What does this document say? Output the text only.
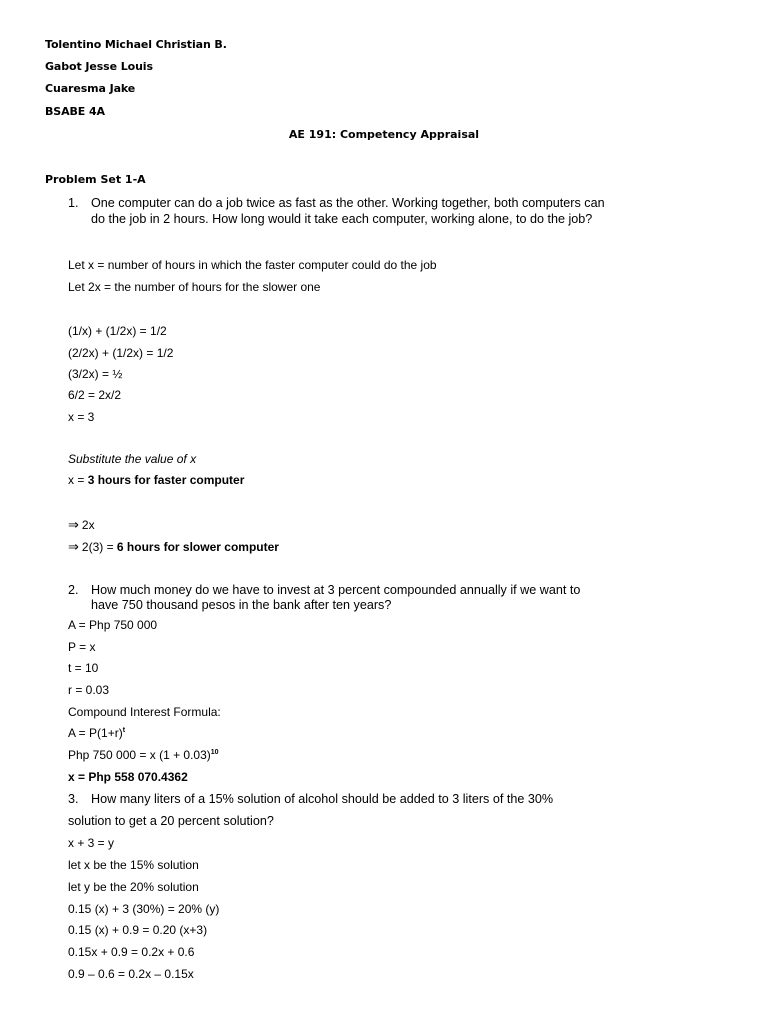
Tolentino Michael Christian B.
Gabot Jesse Louis
Cuaresma Jake
BSABE 4A
AE 191: Competency Appraisal
Problem Set 1-A
1. One computer can do a job twice as fast as the other. Working together, both computers can
do the job in 2 hours. How long would it take each computer, working alone, to do the job?
Let x = number of hours in which the faster computer could do the job
Let 2x = the number of hours for the slower one
(1/x) + (1/2x) = 1/2
(2/2x) + (1/2x) = 1/2
(3/2x) = ½
6/2 = 2x/2
x = 3
Substitute the value of x
x = 3 hours for faster computer
⇒ 2x
⇒ 2(3) = 6 hours for slower computer
2. How much money do we have to invest at 3 percent compounded annually if we want to
have 750 thousand pesos in the bank after ten years?
A = Php 750 000
P = x
t = 10
r = 0.03
Compound Interest Formula:
$A = P(1+r)^t$
Php 750 000 = x $(1 + 0.03)^{10}$
x = Php 558 070.4362
3. How many liters of a 15% solution of alcohol should be added to 3 liters of the 30%
solution to get a 20 percent solution?
x + 3 = y
let x be the 15% solution
let y be the 20% solution
0.15 (x) + 3 (30%) = 20% (y)
0.15 (x) + 0.9 = 0.20 (x+3)
0.15x + 0.9 = 0.2x + 0.6
0.9 – 0.6 = 0.2x – 0.15x
